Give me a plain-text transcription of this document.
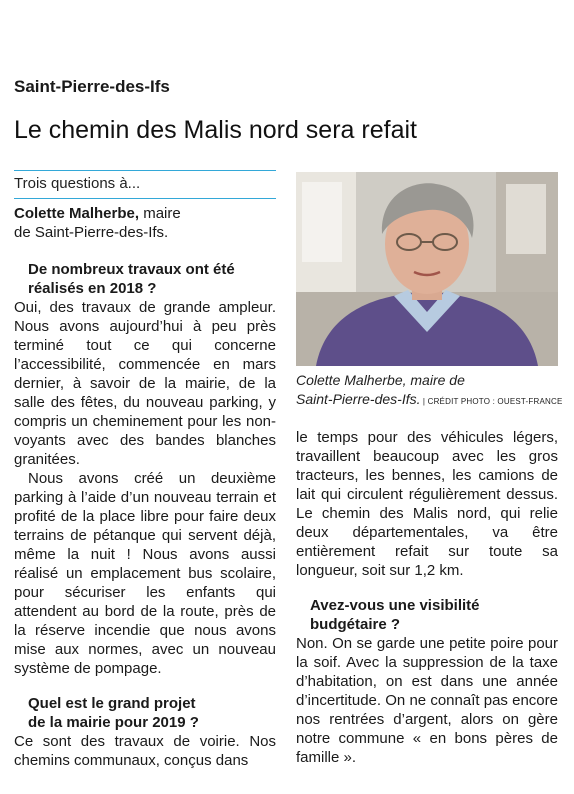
Saint-Pierre-des-Ifs
Le chemin des Malis nord sera refait
Trois questions à...
Colette Malherbe, maire
de Saint-Pierre-des-Ifs.

De nombreux travaux ont été
réalisés en 2018 ?

Oui, des travaux de grande ampleur. Nous avons aujourd’hui à peu près terminé tout ce qui concerne l’accessibilité, commencée en mars dernier, à savoir de la mairie, de la salle des fêtes, du nouveau parking, y compris un cheminement pour les non-voyants avec des bandes blanches granitées.

Nous avons créé un deuxième parking à l’aide d’un nouveau terrain et profité de la place libre pour faire deux terrains de pétanque qui servent déjà, même la nuit ! Nous avons aussi réalisé un emplacement bus scolaire, pour sécuriser les enfants qui attendent au bord de la route, près de la réserve incendie que nous avons mise aux normes, avec un nouveau système de pompage.

Quel est le grand projet
de la mairie pour 2019 ?

Ce sont des travaux de voirie. Nos chemins communaux, conçus dans

Colette Malherbe, maire de
Saint-Pierre-des-Ifs. | CRÉDIT PHOTO : OUEST-FRANCE

le temps pour des véhicules légers, travaillent beaucoup avec les gros tracteurs, les bennes, les camions de lait qui circulent régulièrement dessus. Le chemin des Malis nord, qui relie deux départementales, va être entièrement refait sur toute sa longueur, soit sur 1,2 km.

Avez-vous une visibilité
budgétaire ?

Non. On se garde une petite poire pour la soif. Avec la suppression de la taxe d’habitation, on est dans une année d’incertitude. On ne connaît pas encore nos rentrées d’argent, alors on gère notre commune « en bons pères de famille ».
